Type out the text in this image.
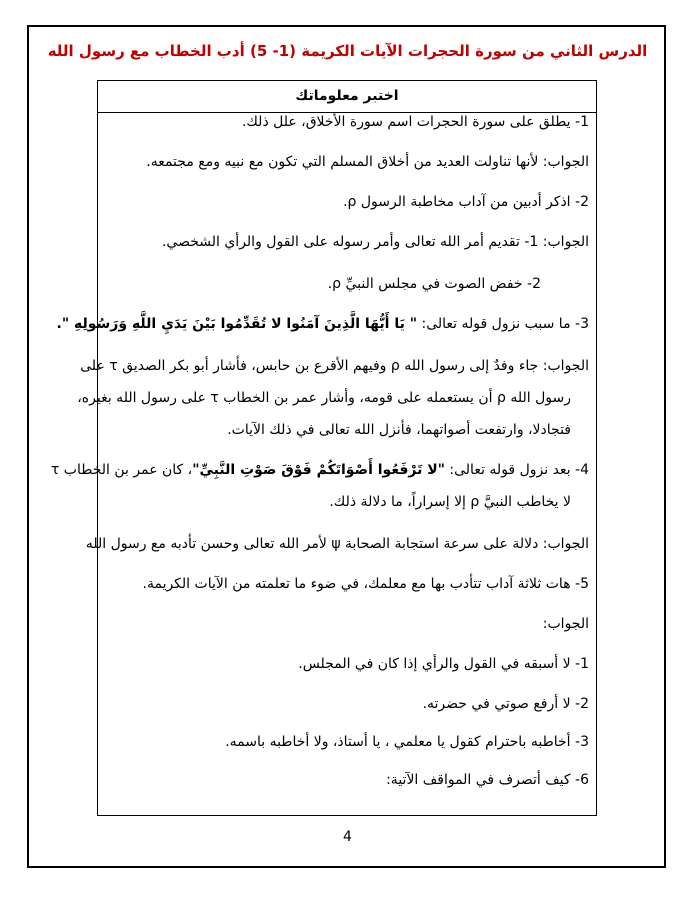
الدرس الثاني من سورة الحجرات الآيات الكريمة (1- 5) أدب الخطاب مع رسول الله
اختبر معلوماتك
1- يطلق على سورة الحجرات اسم سورة الأخلاق، علل ذلك.
الجواب: لأنها تناولت العديد من أخلاق المسلم التي تكون مع نبيه ومع مجتمعه.
2- اذكر أدبين من آداب مخاطبة الرسول ρ.
الجواب: 1- تقديم أمر الله تعالى وأمر رسوله على القول والرأي الشخصي.
2- خفض الصوت في مجلس النبيِّ ρ.
3- ما سبب نزول قوله تعالى: " يَا أَيُّهَا الَّذِينَ آمَنُوا لا تُقَدِّمُوا بَيْنَ يَدَيِ اللَّهِ وَرَسُولِهِ ".
الجواب: جاء وفدٌ إلى رسول الله ρ وفيهم الأقرع بن حابس، فأشار أبو بكر الصديق τ على
رسول الله ρ أن يستعمله على قومه، وأشار عمر بن الخطاب τ على رسول الله بغيره،
فتجادلا، وارتفعت أصواتهما، فأنزل الله تعالى في ذلك الآيات.
4- بعد نزول قوله تعالى: "لا تَرْفَعُوا أَصْوَاتَكُمْ فَوْقَ صَوْتِ النَّبِيِّ"، كان عمر بن الخطاب τ
لا يخاطب النبيَّ ρ إلا إسراراً، ما دلالة ذلك.
الجواب: دلالة على سرعة استجابة الصحابة ψ لأمر الله تعالى وحسن تأدبه مع رسول الله
5- هات ثلاثة آداب تتأدب بها مع معلمك، في ضوء ما تعلمته من الآيات الكريمة.
الجواب:
1- لا أسبقه في القول والرأي إذا كان في المجلس.
2- لا أرفع صوتي في حضرته.
3- أخاطبه باحترام كقول يا معلمي ، يا أستاذ، ولا أخاطبه باسمه.
6- كيف أتصرف في المواقف الآتية:
4
